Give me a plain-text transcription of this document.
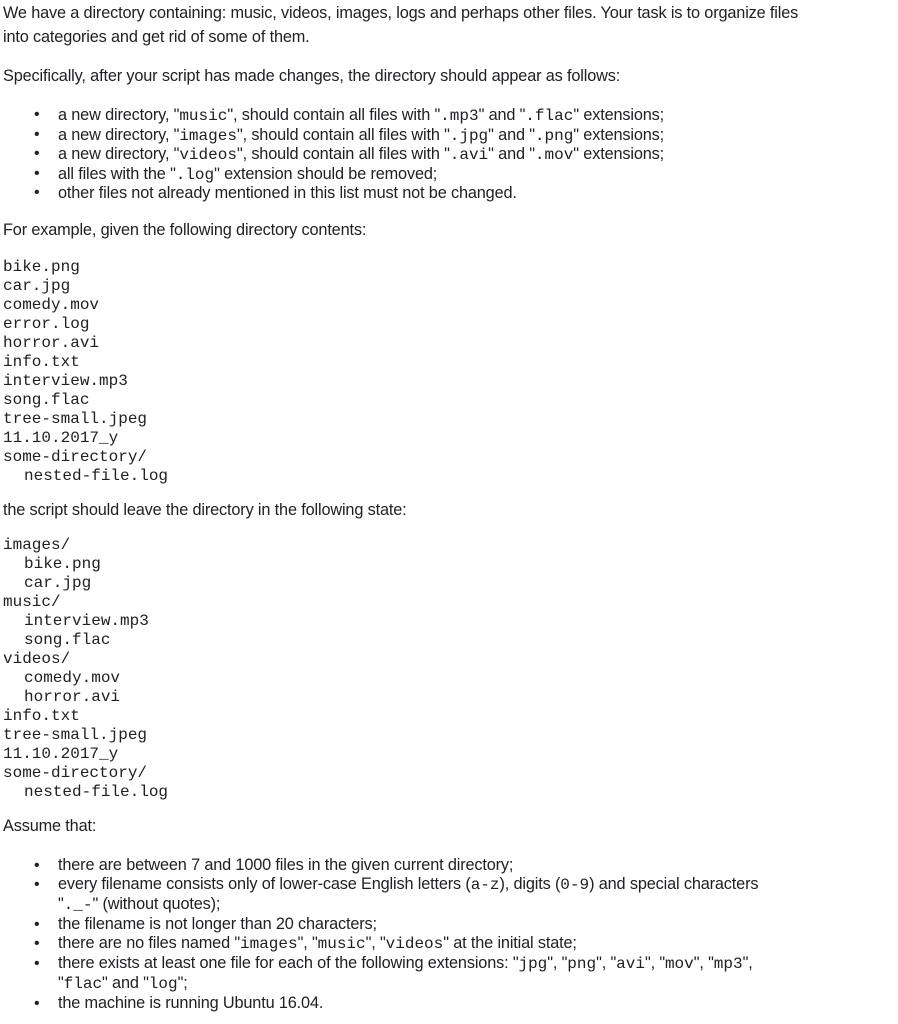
We have a directory containing: music, videos, images, logs and perhaps other files. Your task is to organize files

into categories and get rid of some of them.

Specifically, after your script has made changes, the directory should appear as follows:

• a new directory, "music", should contain all files with ".mp3" and ".flac" extensions;
• a new directory, "images", should contain all files with ".jpg" and ".png" extensions;
• a new directory, "videos", should contain all files with ".avi" and ".mov" extensions;
• all files with the ".log" extension should be removed;
• other files not already mentioned in this list must not be changed.

For example, given the following directory contents:

bike.png
car.jpg
comedy.mov
error.log
horror.avi
info.txt
interview.mp3
song.flac
tree-small.jpeg
11.10.2017_y
some-directory/
nested-file.log

the script should leave the directory in the following state:

images/
bike.png
car.jpg
music/
interview.mp3
song.flac
videos/
comedy.mov
horror.avi
info.txt
tree-small.jpeg
11.10.2017_y
some-directory/
nested-file.log

Assume that:

• there are between 7 and 1000 files in the given current directory;
• every filename consists only of lower-case English letters (a-z), digits (0-9) and special characters
"._-" (without quotes);
• the filename is not longer than 20 characters;
• there are no files named "images", "music", "videos" at the initial state;
• there exists at least one file for each of the following extensions: "jpg", "png", "avi", "mov", "mp3",
"flac" and "log";
• the machine is running Ubuntu 16.04.
